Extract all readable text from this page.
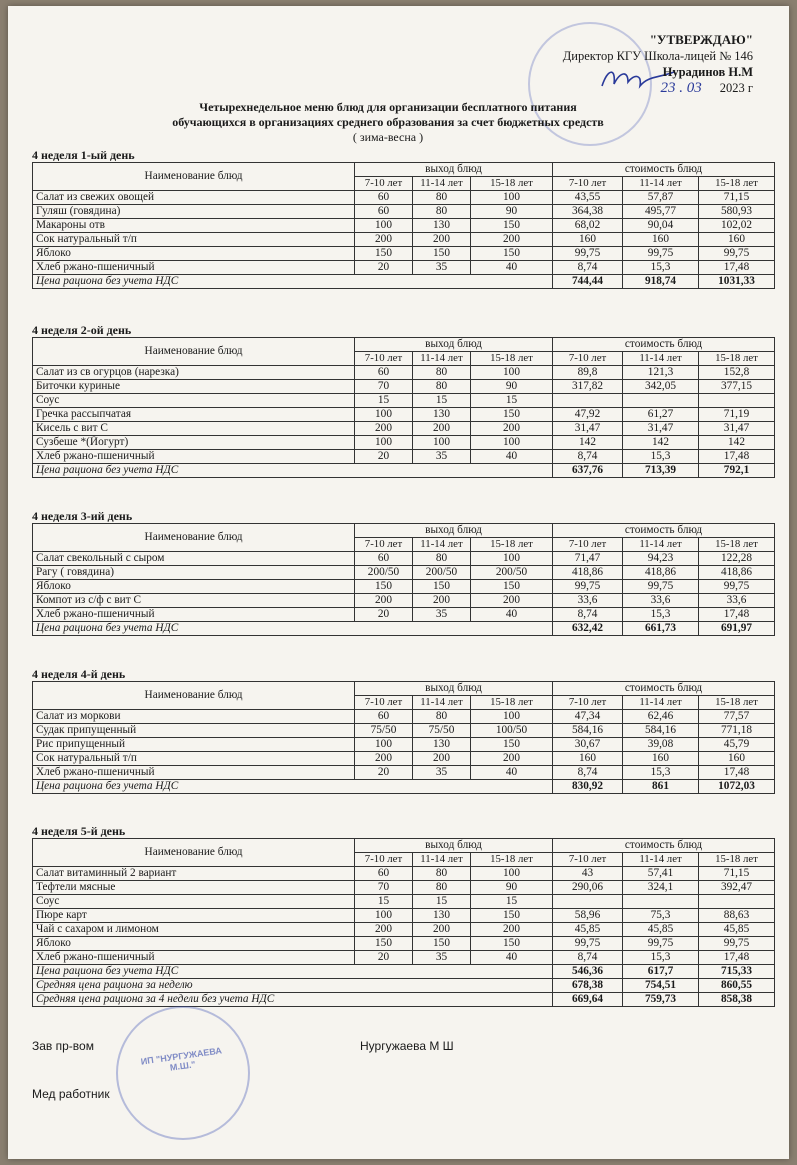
"УТВЕРЖДАЮ"
Директор КГУ Школа-лицей № 146
Нурадинов Н.М
23 . 03 2023 г
Четырехнедельное меню блюд для организации бесплатного питания
обучающихся в организациях среднего образования за счет бюджетных средств
( зима-весна )
4 неделя 1-ый день
Наименование блюд	выход блюд			стоимость блюд		
	7-10 лет	11-14 лет	15-18 лет	7-10 лет	11-14 лет	15-18 лет
Салат из свежих овощей	60	80	100	43,55	57,87	71,15
Гуляш (говядина)	60	80	90	364,38	495,77	580,93
Макароны отв	100	130	150	68,02	90,04	102,02
Сок натуральный т/п	200	200	200	160	160	160
Яблоко	150	150	150	99,75	99,75	99,75
Хлеб ржано-пшеничный	20	35	40	8,74	15,3	17,48
Цена рациона без учета НДС				744,44	918,74	1031,33
4 неделя 2-ой день
Наименование блюд	выход блюд			стоимость блюд		
	7-10 лет	11-14 лет	15-18 лет	7-10 лет	11-14 лет	15-18 лет
Салат из св огурцов (нарезка)	60	80	100	89,8	121,3	152,8
Биточки куриные	70	80	90	317,82	342,05	377,15
Соус	15	15	15			
Гречка рассыпчатая	100	130	150	47,92	61,27	71,19
Кисель с вит С	200	200	200	31,47	31,47	31,47
Сузбеше *(Йогурт)	100	100	100	142	142	142
Хлеб ржано-пшеничный	20	35	40	8,74	15,3	17,48
Цена рациона без учета НДС				637,76	713,39	792,1
4 неделя 3-ий день
Наименование блюд	выход блюд			стоимость блюд		
	7-10 лет	11-14 лет	15-18 лет	7-10 лет	11-14 лет	15-18 лет
Салат свекольный с сыром	60	80	100	71,47	94,23	122,28
Рагу ( говядина)	200/50	200/50	200/50	418,86	418,86	418,86
Яблоко	150	150	150	99,75	99,75	99,75
Компот из с/ф с вит С	200	200	200	33,6	33,6	33,6
Хлеб ржано-пшеничный	20	35	40	8,74	15,3	17,48
Цена рациона без учета НДС				632,42	661,73	691,97
4 неделя 4-й день
Наименование блюд	выход блюд			стоимость блюд		
	7-10 лет	11-14 лет	15-18 лет	7-10 лет	11-14 лет	15-18 лет
Салат из моркови	60	80	100	47,34	62,46	77,57
Судак припущенный	75/50	75/50	100/50	584,16	584,16	771,18
Рис припущенный	100	130	150	30,67	39,08	45,79
Сок натуральный т/п	200	200	200	160	160	160
Хлеб ржано-пшеничный	20	35	40	8,74	15,3	17,48
Цена рациона без учета НДС				830,92	861	1072,03
4 неделя 5-й день
Наименование блюд	выход блюд			стоимость блюд		
	7-10 лет	11-14 лет	15-18 лет	7-10 лет	11-14 лет	15-18 лет
Салат витаминный 2 вариант	60	80	100	43	57,41	71,15
Тефтели мясные	70	80	90	290,06	324,1	392,47
Соус	15	15	15			
Пюре карт	100	130	150	58,96	75,3	88,63
Чай с сахаром и лимоном	200	200	200	45,85	45,85	45,85
Яблоко	150	150	150	99,75	99,75	99,75
Хлеб ржано-пшеничный	20	35	40	8,74	15,3	17,48
Цена рациона без учета НДС				546,36	617,7	715,33
Средняя цена рациона за неделю				678,38	754,51	860,55
Средняя цена рациона за 4 недели без учета НДС				669,64	759,73	858,38
ИП "НУРГУЖАЕВА М.Ш."
Зав пр-вом	Нургужаева М Ш
Мед работник
